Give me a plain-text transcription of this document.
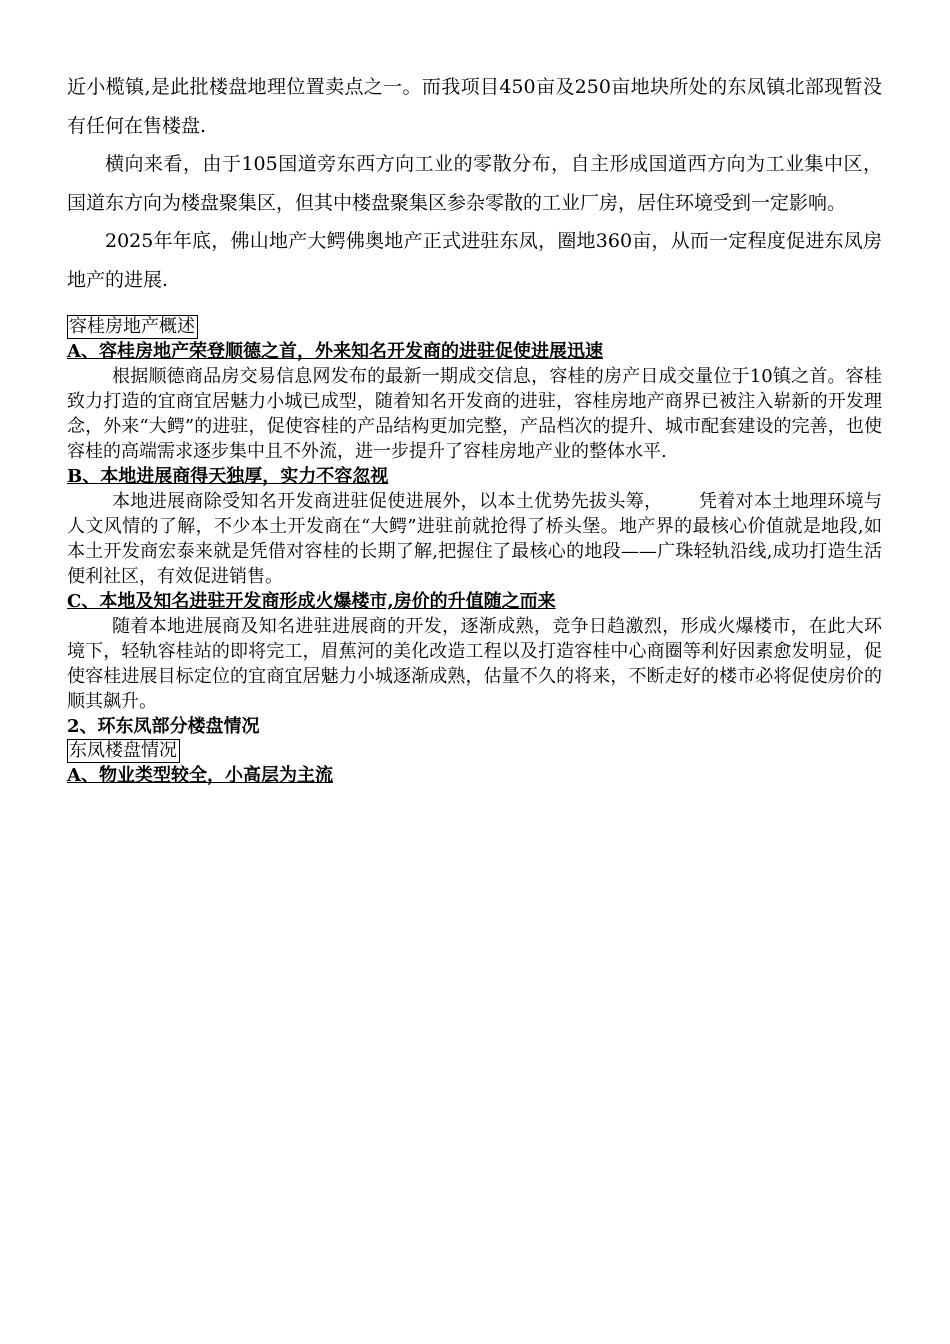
近小榄镇,是此批楼盘地理位置卖点之一。而我项目450亩及250亩地块所处的东凤镇北部现暂没有任何在售楼盘.

横向来看，由于105国道旁东西方向工业的零散分布，自主形成国道西方向为工业集中区，国道东方向为楼盘聚集区，但其中楼盘聚集区参杂零散的工业厂房，居住环境受到一定影响。

2025年年底，佛山地产大鳄佛奥地产正式进驻东凤，圈地360亩，从而一定程度促进东凤房地产的进展.

容桂房地产概述

A、容桂房地产荣登顺德之首，外来知名开发商的进驻促使进展迅速

根据顺德商品房交易信息网发布的最新一期成交信息，容桂的房产日成交量位于10镇之首。容桂致力打造的宜商宜居魅力小城已成型，随着知名开发商的进驻，容桂房地产商界已被注入崭新的开发理念，外来“大鳄”的进驻，促使容桂的产品结构更加完整，产品档次的提升、城市配套建设的完善，也使容桂的高端需求逐步集中且不外流，进一步提升了容桂房地产业的整体水平.

B、本地进展商得天独厚，实力不容忽视

本地进展商除受知名开发商进驻促使进展外，以本土优势先拔头筹， 凭着对本土地理环境与人文风情的了解，不少本土开发商在“大鳄”进驻前就抢得了桥头堡。地产界的最核心价值就是地段,如本土开发商宏泰来就是凭借对容桂的长期了解,把握住了最核心的地段——广珠轻轨沿线,成功打造生活便利社区，有效促进销售。

C、本地及知名进驻开发商形成火爆楼市,房价的升值随之而来

随着本地进展商及知名进驻进展商的开发，逐渐成熟，竞争日趋激烈，形成火爆楼市，在此大环境下，轻轨容桂站的即将完工，眉蕉河的美化改造工程以及打造容桂中心商圈等利好因素愈发明显，促使容桂进展目标定位的宜商宜居魅力小城逐渐成熟，估量不久的将来，不断走好的楼市必将促使房价的顺其飙升。

2、环东凤部分楼盘情况

东凤楼盘情况

A、物业类型较全，小高层为主流
